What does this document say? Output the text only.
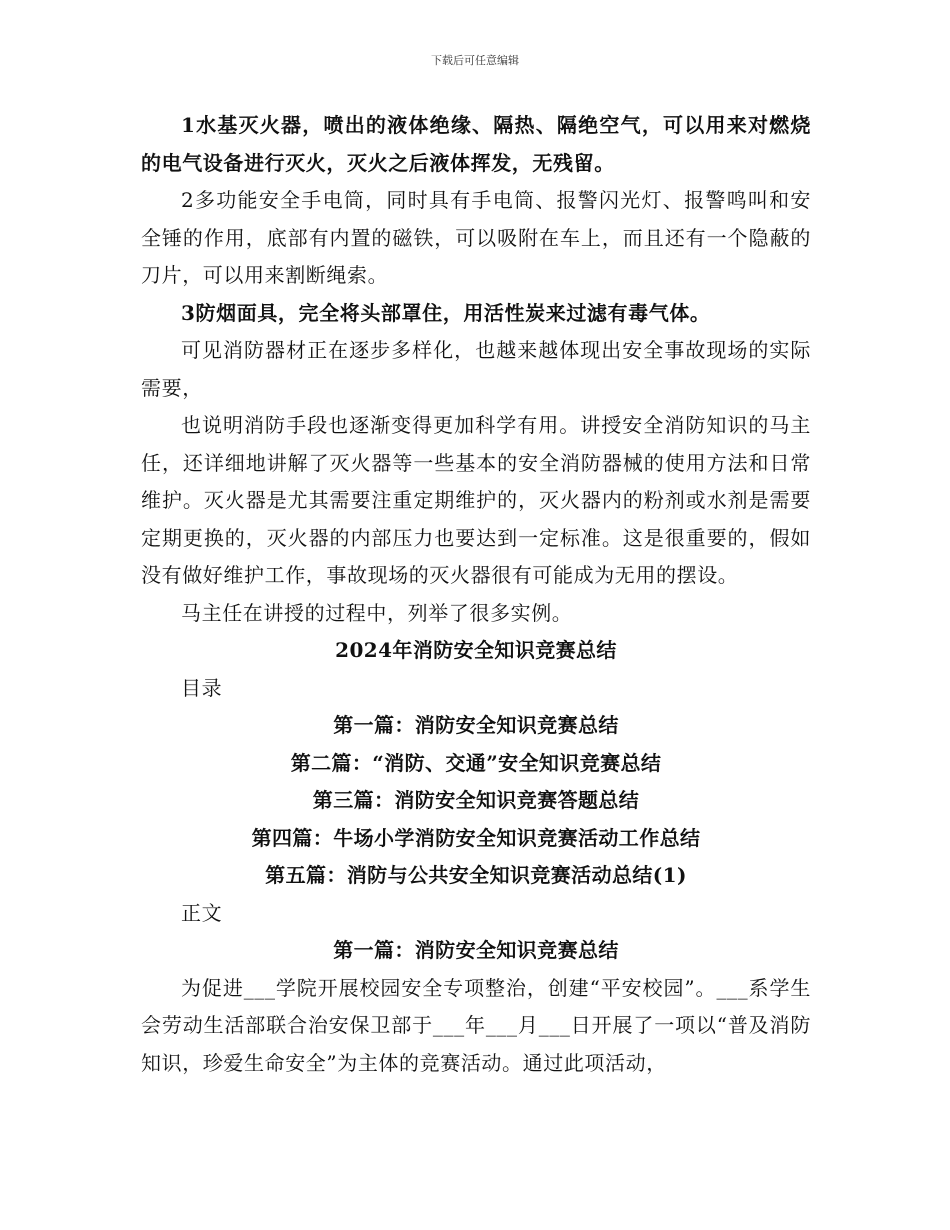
下载后可任意编辑

1水基灭火器，喷出的液体绝缘、隔热、隔绝空气，可以用来对燃烧的电气设备进行灭火，灭火之后液体挥发，无残留。

2多功能安全手电筒，同时具有手电筒、报警闪光灯、报警鸣叫和安全锤的作用，底部有内置的磁铁，可以吸附在车上，而且还有一个隐蔽的刀片，可以用来割断绳索。

3防烟面具，完全将头部罩住，用活性炭来过滤有毒气体。

可见消防器材正在逐步多样化，也越来越体现出安全事故现场的实际需要，

也说明消防手段也逐渐变得更加科学有用。讲授安全消防知识的马主任，还详细地讲解了灭火器等一些基本的安全消防器械的使用方法和日常维护。灭火器是尤其需要注重定期维护的，灭火器内的粉剂或水剂是需要定期更换的，灭火器的内部压力也要达到一定标准。这是很重要的，假如没有做好维护工作，事故现场的灭火器很有可能成为无用的摆设。

马主任在讲授的过程中，列举了很多实例。

2024年消防安全知识竞赛总结

目录

第一篇：消防安全知识竞赛总结

第二篇：“消防、交通”安全知识竞赛总结

第三篇：消防安全知识竞赛答题总结

第四篇：牛场小学消防安全知识竞赛活动工作总结

第五篇：消防与公共安全知识竞赛活动总结(1)

正文

第一篇：消防安全知识竞赛总结

为促进___学院开展校园安全专项整治，创建“平安校园”。___系学生会劳动生活部联合治安保卫部于___年___月___日开展了一项以“普及消防知识，珍爱生命安全”为主体的竞赛活动。通过此项活动，
